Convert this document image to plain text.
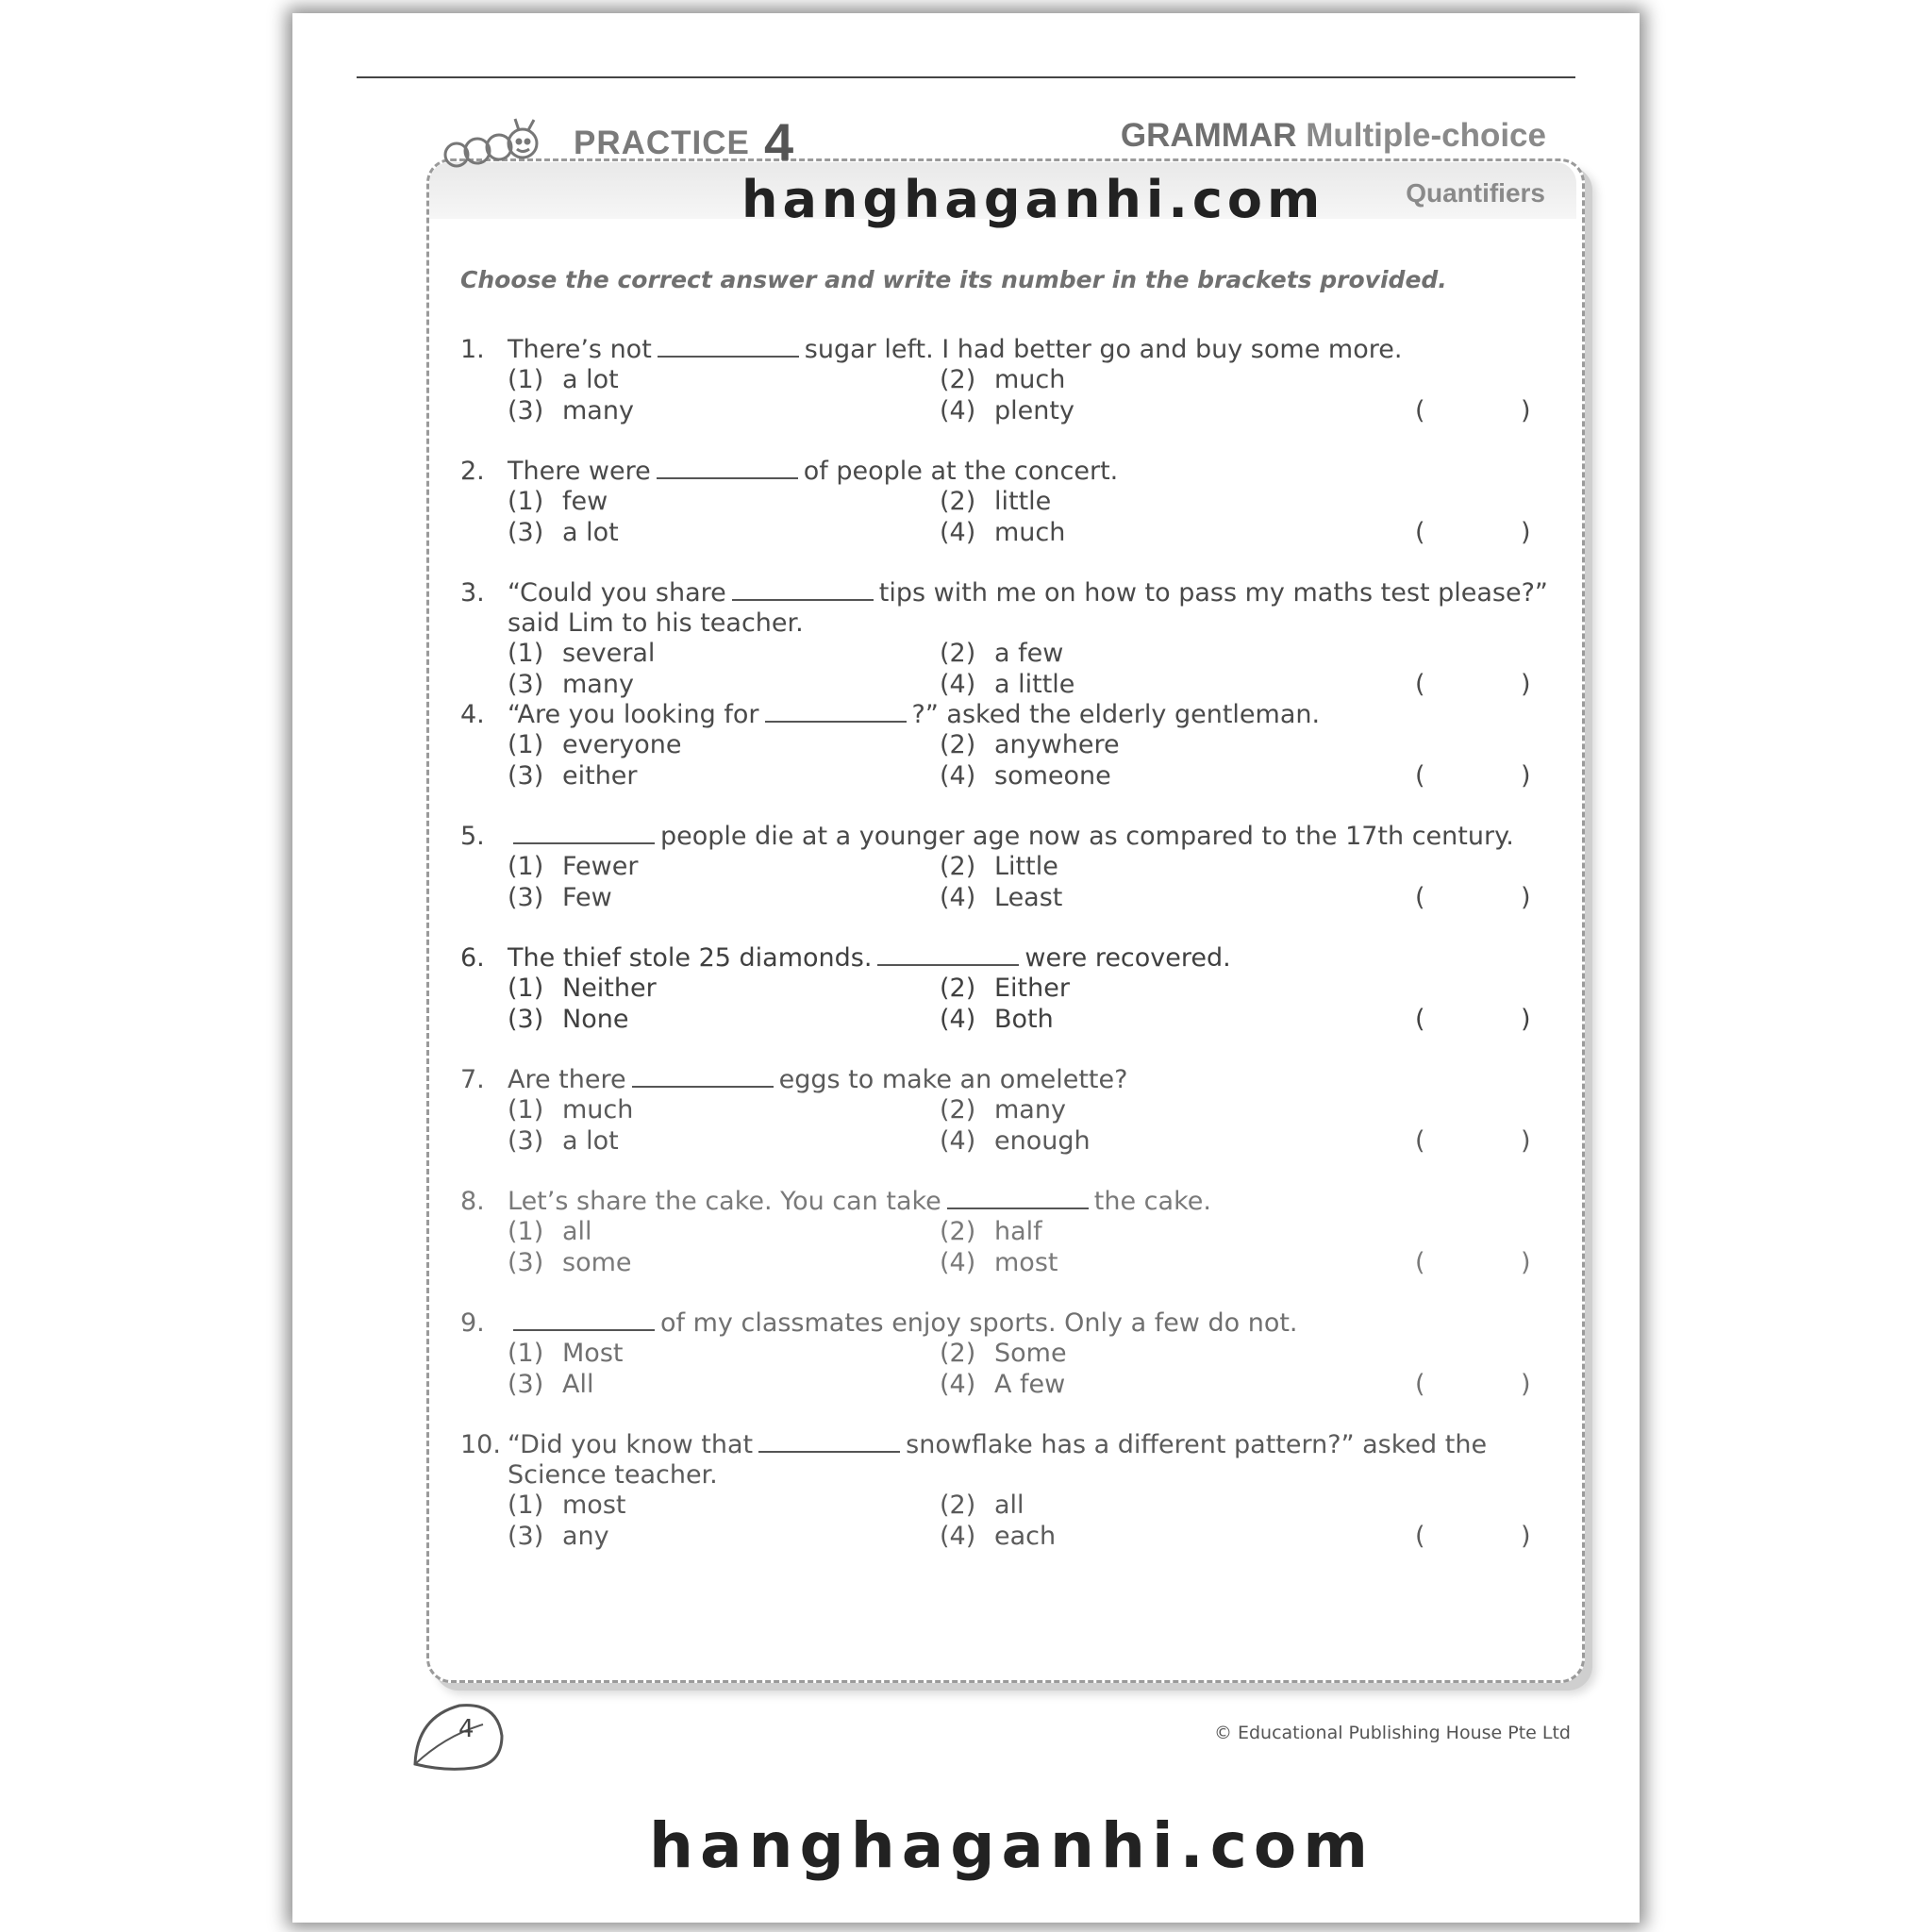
PRACTICE 4	GRAMMAR Multiple-choice
Quantifiers
hanghaganhi.com
Choose the correct answer and write its number in the brackets provided.
1. There’s not	sugar left. I had better go and buy some more.
(1) a lot	(2) much
(3) many	(4) plenty	(	)
2. There were	of people at the concert.
(1) few	(2) little
(3) a lot	(4) much	(	)
3. “Could you share	tips with me on how to pass my maths test please?”
said Lim to his teacher.
(1) several	(2) a few
(3) many	(4) a little	(	)
4. “Are you looking for	?” asked the elderly gentleman.
(1) everyone	(2) anywhere
(3) either	(4) someone	(	)
5.	people die at a younger age now as compared to the 17th century.
(1) Fewer	(2) Little
(3) Few	(4) Least	(	)
6. The thief stole 25 diamonds.	were recovered.
(1) Neither	(2) Either
(3) None	(4) Both	(	)
7. Are there	eggs to make an omelette?
(1) much	(2) many
(3) a lot	(4) enough	(	)
8. Let’s share the cake. You can take	the cake.
(1) all	(2) half
(3) some	(4) most	(	)
9.	of my classmates enjoy sports. Only a few do not.
(1) Most	(2) Some
(3) All	(4) A few	(	)
10. “Did you know that	snowflake has a different pattern?” asked the
Science teacher.
(1) most	(2) all
(3) any	(4) each	(	)
4	© Educational Publishing House Pte Ltd
hanghaganhi.com
